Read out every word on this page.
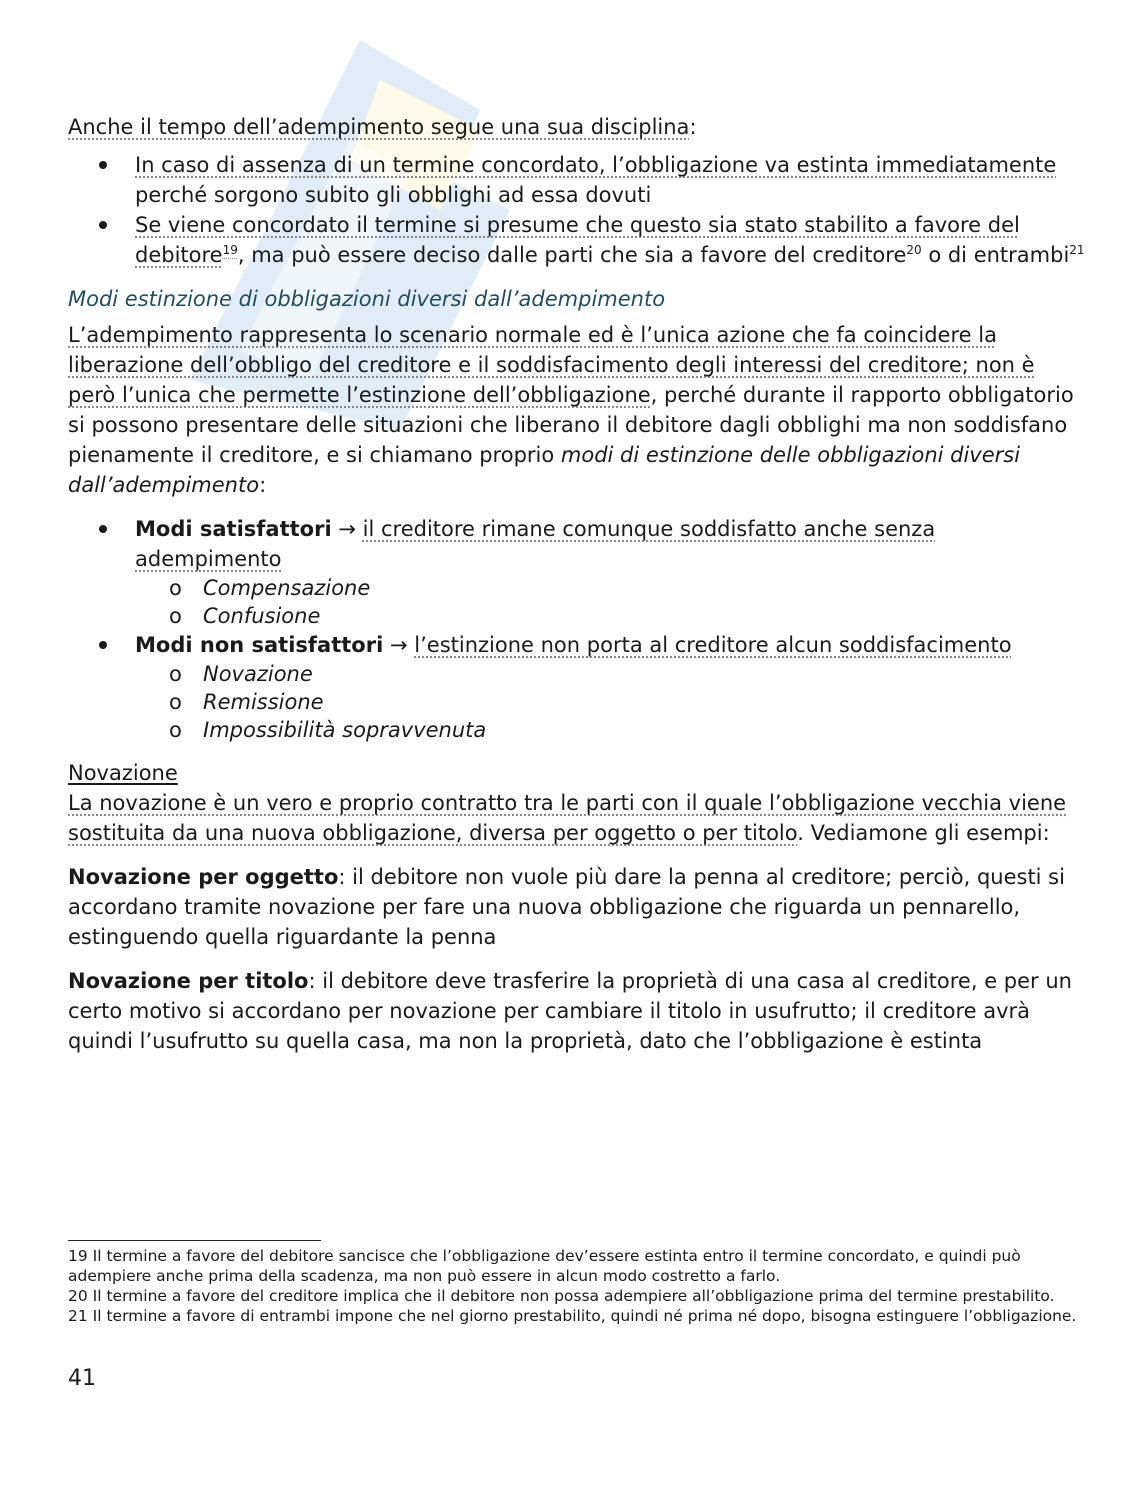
Anche il tempo dell’adempimento segue una sua disciplina:

In caso di assenza di un termine concordato, l’obbligazione va estinta immediatamente perché sorgono subito gli obblighi ad essa dovuti
Se viene concordato il termine si presume che questo sia stato stabilito a favore del debitore$^{19}$, ma può essere deciso dalle parti che sia a favore del creditore$^{20}$ o di entrambi$^{21}$

Modi estinzione di obbligazioni diversi dall’adempimento

L’adempimento rappresenta lo scenario normale ed è l’unica azione che fa coincidere la liberazione dell’obbligo del creditore e il soddisfacimento degli interessi del creditore; non è però l’unica che permette l’estinzione dell’obbligazione, perché durante il rapporto obbligatorio si possono presentare delle situazioni che liberano il debitore dagli obblighi ma non soddisfano pienamente il creditore, e si chiamano proprio modi di estinzione delle obbligazioni diversi dall’adempimento:

Modi satisfattori → il creditore rimane comunque soddisfatto anche senza adempimento
o Compensazione
o Confusione
Modi non satisfattori → l’estinzione non porta al creditore alcun soddisfacimento
o Novazione
o Remissione
o Impossibilità sopravvenuta

Novazione

La novazione è un vero e proprio contratto tra le parti con il quale l’obbligazione vecchia viene sostituita da una nuova obbligazione, diversa per oggetto o per titolo. Vediamone gli esempi:

Novazione per oggetto: il debitore non vuole più dare la penna al creditore; perciò, questi si accordano tramite novazione per fare una nuova obbligazione che riguarda un pennarello, estinguendo quella riguardante la penna

Novazione per titolo: il debitore deve trasferire la proprietà di una casa al creditore, e per un certo motivo si accordano per novazione per cambiare il titolo in usufrutto; il creditore avrà quindi l’usufrutto su quella casa, ma non la proprietà, dato che l’obbligazione è estinta

19 Il termine a favore del debitore sancisce che l’obbligazione dev’essere estinta entro il termine concordato, e quindi può adempiere anche prima della scadenza, ma non può essere in alcun modo costretto a farlo.

20 Il termine a favore del creditore implica che il debitore non possa adempiere all’obbligazione prima del termine prestabilito.

21 Il termine a favore di entrambi impone che nel giorno prestabilito, quindi né prima né dopo, bisogna estinguere l’obbligazione.

41
